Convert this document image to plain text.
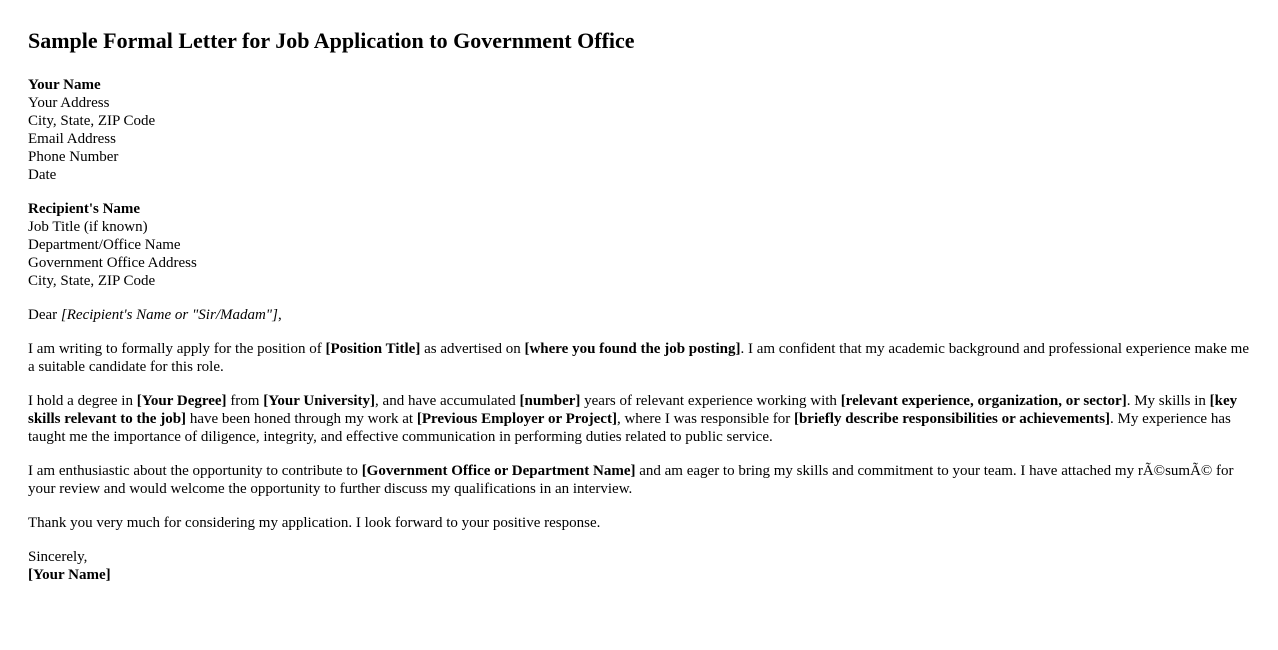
Sample Formal Letter for Job Application to Government Office
Your Name
Your Address
City, State, ZIP Code
Email Address
Phone Number
Date
Recipient's Name
Job Title (if known)
Department/Office Name
Government Office Address
City, State, ZIP Code

Dear [Recipient's Name or "Sir/Madam"],

I am writing to formally apply for the position of [Position Title] as advertised on [where you found the job posting]. I am confident that my academic background and professional experience make me a suitable candidate for this role.

I hold a degree in [Your Degree] from [Your University], and have accumulated [number] years of relevant experience working with [relevant experience, organization, or sector]. My skills in [key skills relevant to the job] have been honed through my work at [Previous Employer or Project], where I was responsible for [briefly describe responsibilities or achievements]. My experience has taught me the importance of diligence, integrity, and effective communication in performing duties related to public service.

I am enthusiastic about the opportunity to contribute to [Government Office or Department Name] and am eager to bring my skills and commitment to your team. I have attached my rÃ©sumÃ© for your review and would welcome the opportunity to further discuss my qualifications in an interview.

Thank you very much for considering my application. I look forward to your positive response.

Sincerely,
[Your Name]
